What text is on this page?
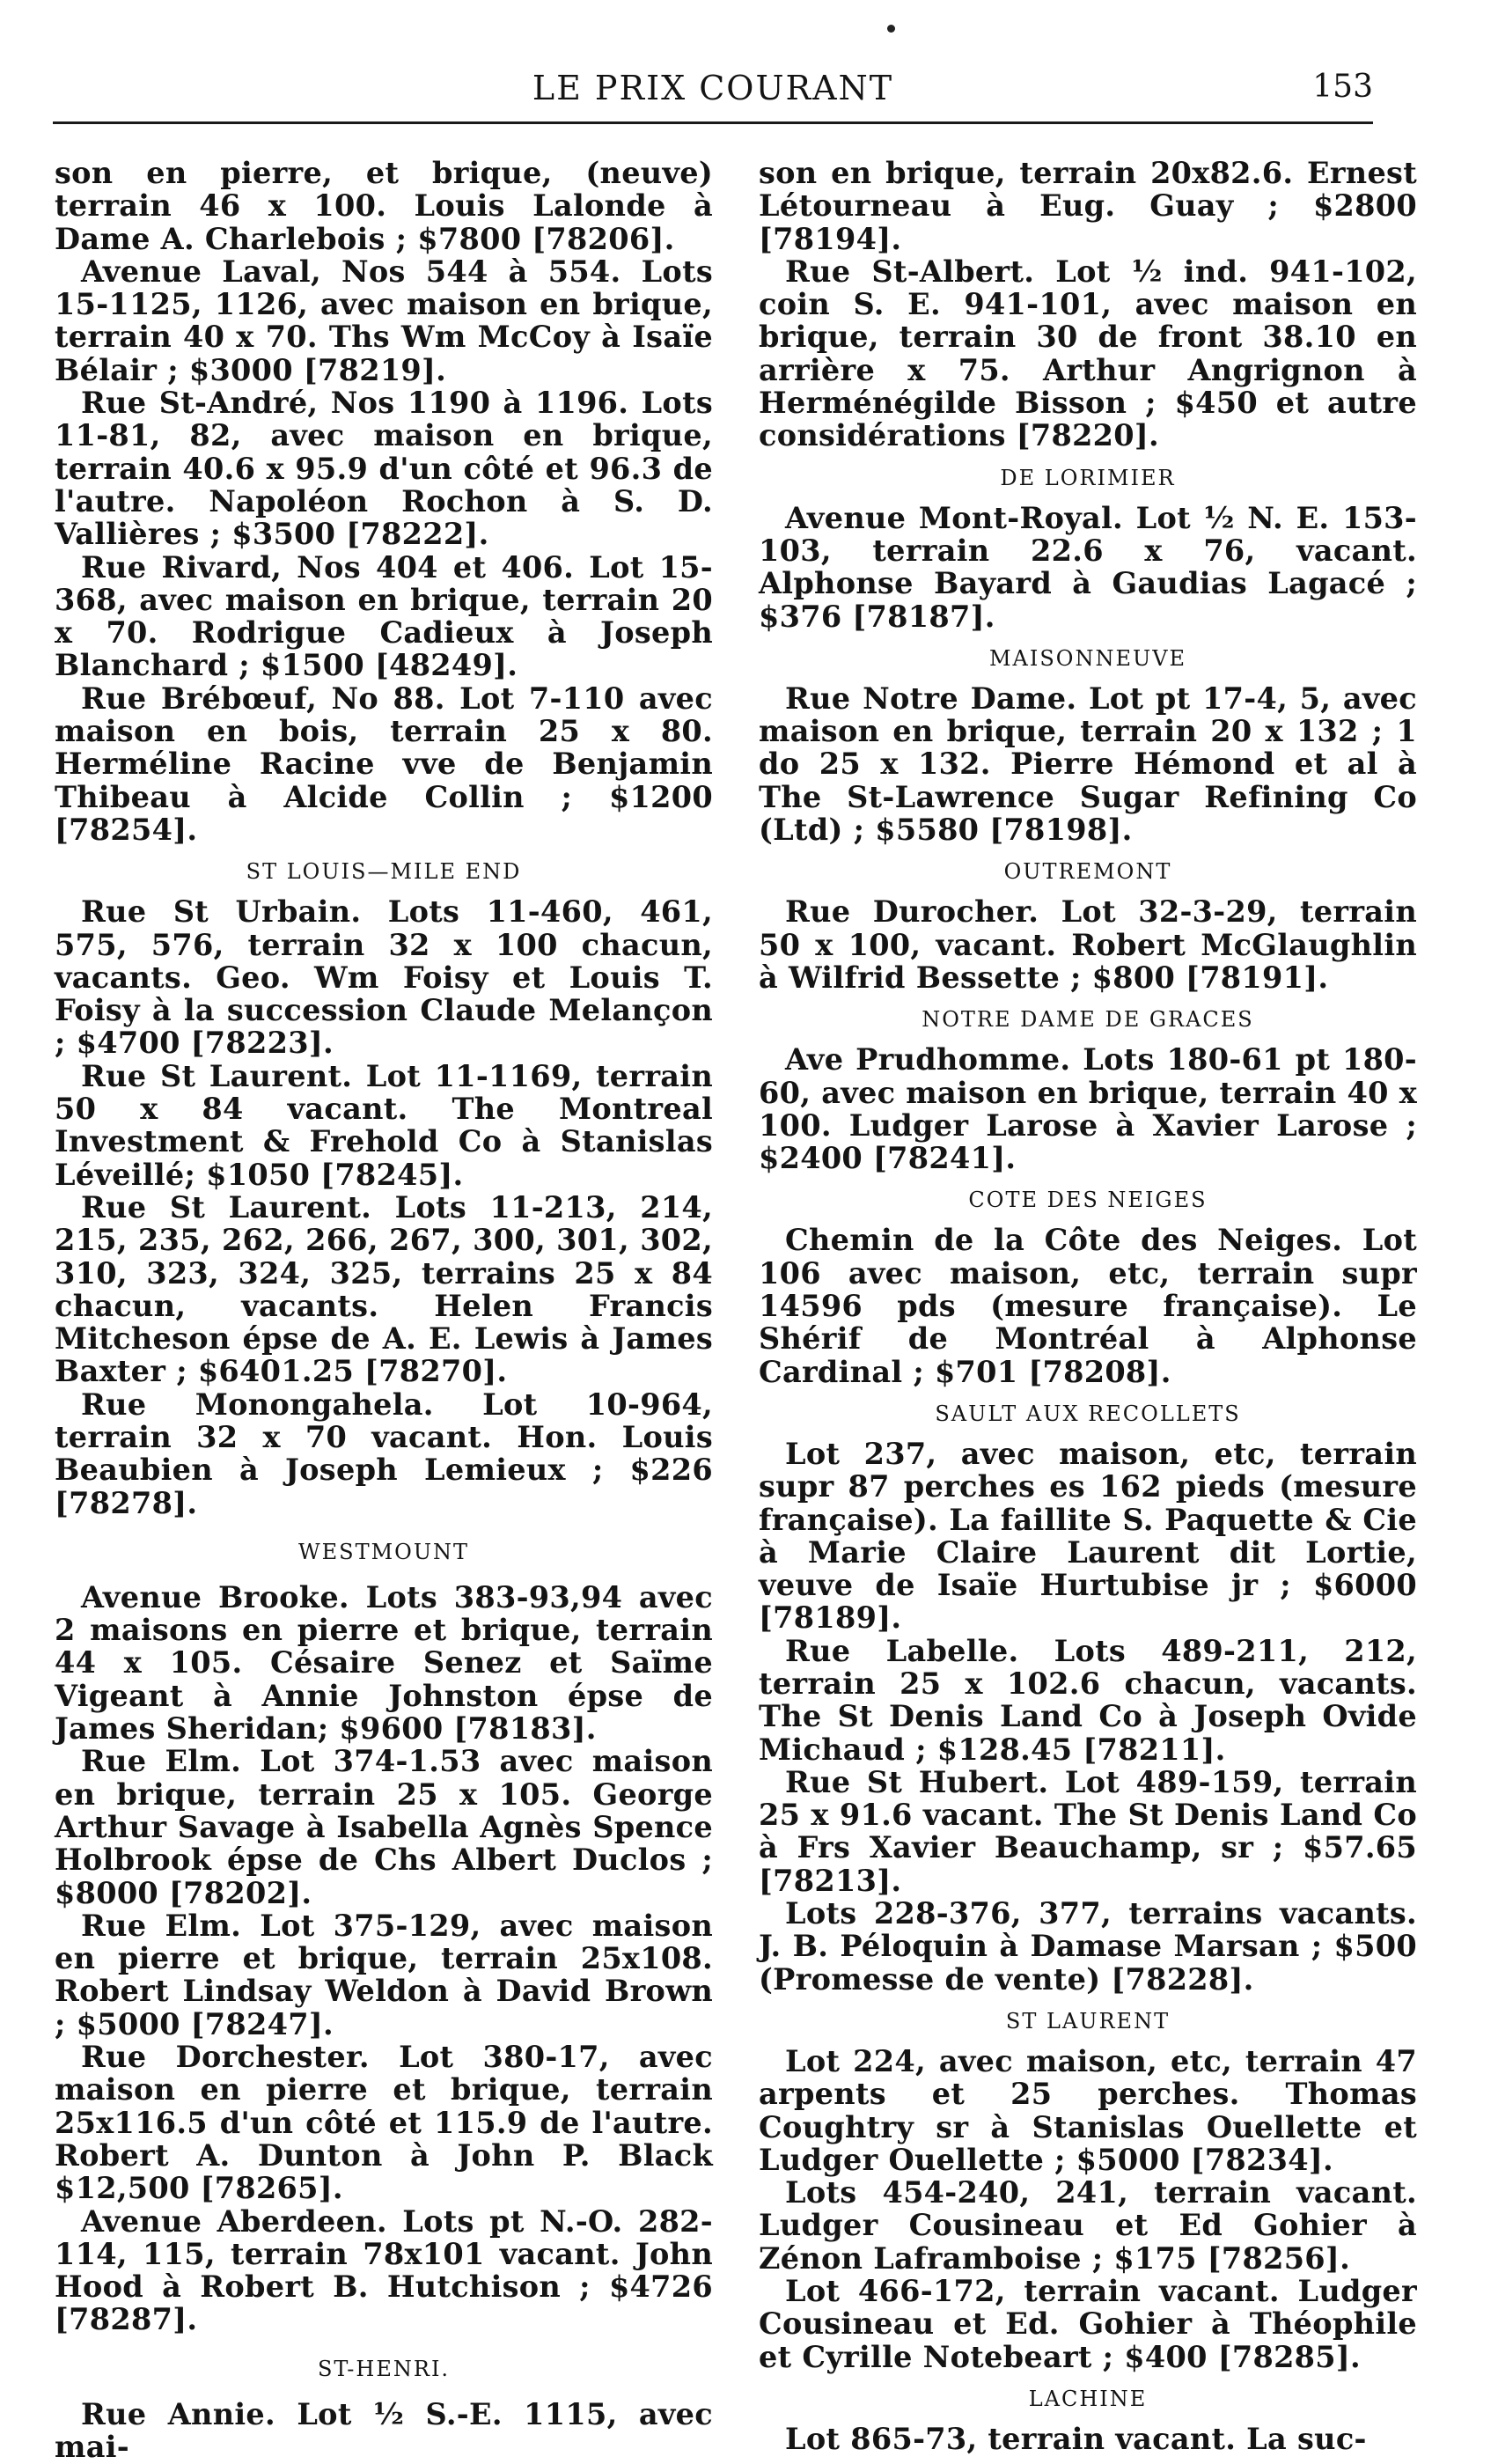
LE PRIX COURANT	153

son en pierre, et brique, (neuve) terrain 46 x 100. Louis Lalonde à Dame A. Charlebois ; $7800 [78206].

Avenue Laval, Nos 544 à 554. Lots 15-1125, 1126, avec maison en brique, terrain 40 x 70. Ths Wm McCoy à Isaïe Bélair ; $3000 [78219].

Rue St-André, Nos 1190 à 1196. Lots 11-81, 82, avec maison en brique, terrain 40.6 x 95.9 d'un côté et 96.3 de l'autre. Napoléon Rochon à S. D. Vallières ; $3500 [78222].

Rue Rivard, Nos 404 et 406. Lot 15-368, avec maison en brique, terrain 20 x 70. Rodrigue Cadieux à Joseph Blanchard ; $1500 [48249].

Rue Brébœuf, No 88. Lot 7-110 avec maison en bois, terrain 25 x 80. Herméline Racine vve de Benjamin Thibeau à Alcide Collin ; $1200 [78254].

ST LOUIS—MILE END

Rue St Urbain. Lots 11-460, 461, 575, 576, terrain 32 x 100 chacun, vacants. Geo. Wm Foisy et Louis T. Foisy à la succession Claude Melançon ; $4700 [78223].

Rue St Laurent. Lot 11-1169, terrain 50 x 84 vacant. The Montreal Investment & Frehold Co à Stanislas Léveillé; $1050 [78245].

Rue St Laurent. Lots 11-213, 214, 215, 235, 262, 266, 267, 300, 301, 302, 310, 323, 324, 325, terrains 25 x 84 chacun, vacants. Helen Francis Mitcheson épse de A. E. Lewis à James Baxter ; $6401.25 [78270].

Rue Monongahela. Lot 10-964, terrain 32 x 70 vacant. Hon. Louis Beaubien à Joseph Lemieux ; $226 [78278].

WESTMOUNT

Avenue Brooke. Lots 383-93,94 avec 2 maisons en pierre et brique, terrain 44 x 105. Césaire Senez et Saïme Vigeant à Annie Johnston épse de James Sheridan; $9600 [78183].

Rue Elm. Lot 374-1.53 avec maison en brique, terrain 25 x 105. George Arthur Savage à Isabella Agnès Spence Holbrook épse de Chs Albert Duclos ; $8000 [78202].

Rue Elm. Lot 375-129, avec maison en pierre et brique, terrain 25x108. Robert Lindsay Weldon à David Brown ; $5000 [78247].

Rue Dorchester. Lot 380-17, avec maison en pierre et brique, terrain 25x116.5 d'un côté et 115.9 de l'autre. Robert A. Dunton à John P. Black $12,500 [78265].

Avenue Aberdeen. Lots pt N.-O. 282-114, 115, terrain 78x101 vacant. John Hood à Robert B. Hutchison ; $4726 [78287].

ST-HENRI.

Rue Annie. Lot ½ S.-E. 1115, avec mai-

son en brique, terrain 20x82.6. Ernest Létourneau à Eug. Guay ; $2800 [78194].

Rue St-Albert. Lot ½ ind. 941-102, coin S. E. 941-101, avec maison en brique, terrain 30 de front 38.10 en arrière x 75. Arthur Angrignon à Herménégilde Bisson ; $450 et autre considérations [78220].

DE LORIMIER

Avenue Mont-Royal. Lot ½ N. E. 153-103, terrain 22.6 x 76, vacant. Alphonse Bayard à Gaudias Lagacé ; $376 [78187].

MAISONNEUVE

Rue Notre Dame. Lot pt 17-4, 5, avec maison en brique, terrain 20 x 132 ; 1 do 25 x 132. Pierre Hémond et al à The St-Lawrence Sugar Refining Co (Ltd) ; $5580 [78198].

OUTREMONT

Rue Durocher. Lot 32-3-29, terrain 50 x 100, vacant. Robert McGlaughlin à Wilfrid Bessette ; $800 [78191].

NOTRE DAME DE GRACES

Ave Prudhomme. Lots 180-61 pt 180-60, avec maison en brique, terrain 40 x 100. Ludger Larose à Xavier Larose ; $2400 [78241].

COTE DES NEIGES

Chemin de la Côte des Neiges. Lot 106 avec maison, etc, terrain supr 14596 pds (mesure française). Le Shérif de Montréal à Alphonse Cardinal ; $701 [78208].

SAULT AUX RECOLLETS

Lot 237, avec maison, etc, terrain supr 87 perches es 162 pieds (mesure française). La faillite S. Paquette & Cie à Marie Claire Laurent dit Lortie, veuve de Isaïe Hurtubise jr ; $6000 [78189].

Rue Labelle. Lots 489-211, 212, terrain 25 x 102.6 chacun, vacants. The St Denis Land Co à Joseph Ovide Michaud ; $128.45 [78211].

Rue St Hubert. Lot 489-159, terrain 25 x 91.6 vacant. The St Denis Land Co à Frs Xavier Beauchamp, sr ; $57.65 [78213].

Lots 228-376, 377, terrains vacants. J. B. Péloquin à Damase Marsan ; $500 (Promesse de vente) [78228].

ST LAURENT

Lot 224, avec maison, etc, terrain 47 arpents et 25 perches. Thomas Coughtry sr à Stanislas Ouellette et Ludger Ouellette ; $5000 [78234].

Lots 454-240, 241, terrain vacant. Ludger Cousineau et Ed Gohier à Zénon Laframboise ; $175 [78256].

Lot 466-172, terrain vacant. Ludger Cousineau et Ed. Gohier à Théophile et Cyrille Notebeart ; $400 [78285].

LACHINE

Lot 865-73, terrain vacant. La suc-
